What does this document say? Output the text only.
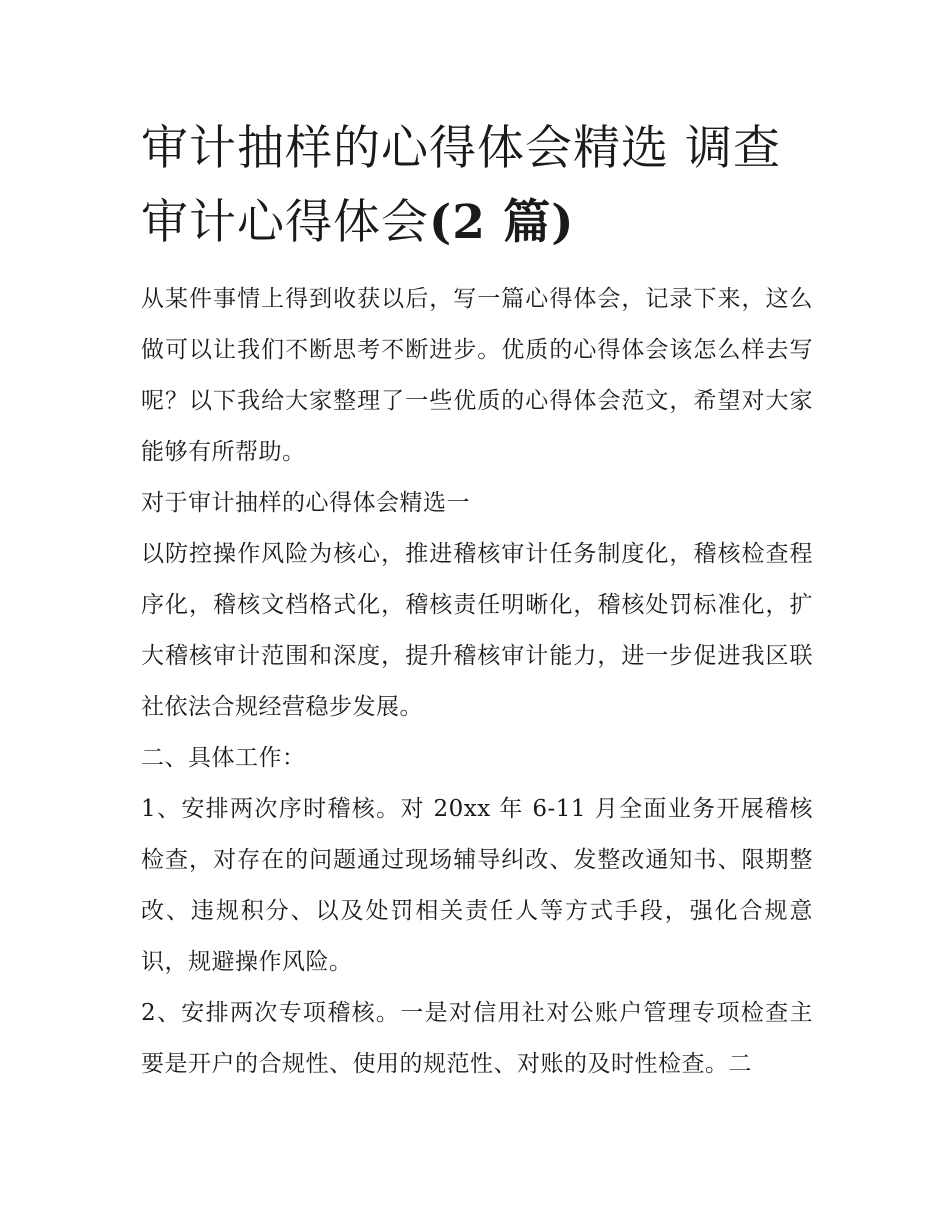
审计抽样的心得体会精选 调查审计心得体会(2 篇)

从某件事情上得到收获以后，写一篇心得体会，记录下来，这么做可以让我们不断思考不断进步。优质的心得体会该怎么样去写呢？以下我给大家整理了一些优质的心得体会范文，希望对大家能够有所帮助。

对于审计抽样的心得体会精选一

以防控操作风险为核心，推进稽核审计任务制度化，稽核检查程序化，稽核文档格式化，稽核责任明晰化，稽核处罚标准化，扩大稽核审计范围和深度，提升稽核审计能力，进一步促进我区联社依法合规经营稳步发展。

二、具体工作：

1、安排两次序时稽核。对 20xx 年 6-11 月全面业务开展稽核检查，对存在的问题通过现场辅导纠改、发整改通知书、限期整改、违规积分、以及处罚相关责任人等方式手段，强化合规意识，规避操作风险。

2、安排两次专项稽核。一是对信用社对公账户管理专项检查主要是开户的合规性、使用的规范性、对账的及时性检查。二
